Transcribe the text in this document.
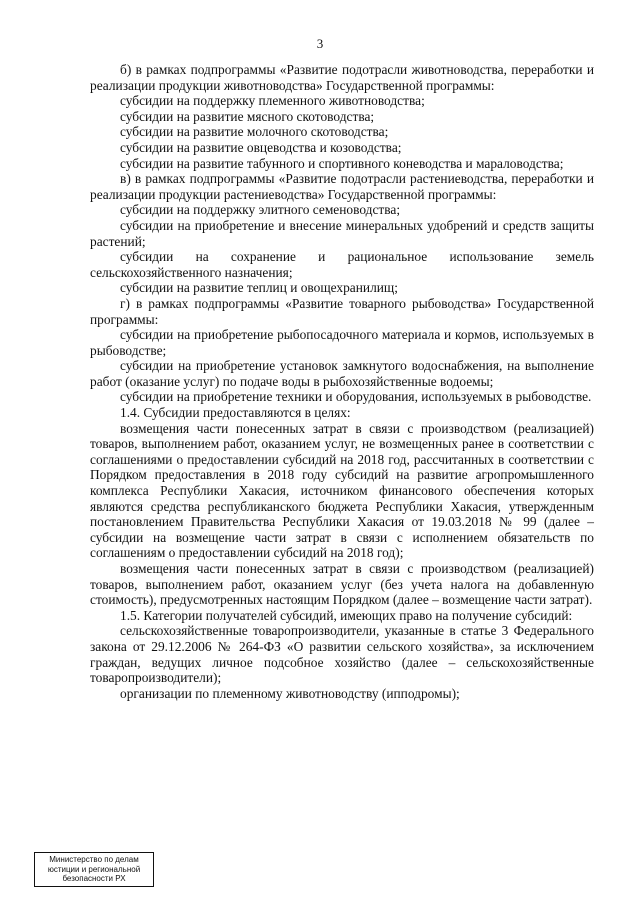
3

б) в рамках подпрограммы «Развитие подотрасли животноводства, переработки и реализации продукции животноводства» Государственной программы:

субсидии на поддержку племенного животноводства;

субсидии на развитие мясного скотоводства;

субсидии на развитие молочного скотоводства;

субсидии на развитие овцеводства и козоводства;

субсидии на развитие табунного и спортивного коневодства и мараловодства;

в) в рамках подпрограммы «Развитие подотрасли растениеводства, переработки и реализации продукции растениеводства» Государственной программы:

субсидии на поддержку элитного семеноводства;

субсидии на приобретение и внесение минеральных удобрений и средств защиты растений;

субсидии на сохранение и рациональное использование земель сельскохозяйственного назначения;

субсидии на развитие теплиц и овощехранилищ;

г) в рамках подпрограммы «Развитие товарного рыбоводства» Государственной программы:

субсидии на приобретение рыбопосадочного материала и кормов, используемых в рыбоводстве;

субсидии на приобретение установок замкнутого водоснабжения, на выполнение работ (оказание услуг) по подаче воды в рыбохозяйственные водоемы;

субсидии на приобретение техники и оборудования, используемых в рыбоводстве.

1.4. Субсидии предоставляются в целях:

возмещения части понесенных затрат в связи с производством (реализацией) товаров, выполнением работ, оказанием услуг, не возмещенных ранее в соответствии с соглашениями о предоставлении субсидий на 2018 год, рассчитанных в соответствии с Порядком предоставления в 2018 году субсидий на развитие агропромышленного комплекса Республики Хакасия, источником финансового обеспечения которых являются средства республиканского бюджета Республики Хакасия, утвержденным постановлением Правительства Республики Хакасия от 19.03.2018 № 99 (далее – субсидии на возмещение части затрат в связи с исполнением обязательств по соглашениям о предоставлении субсидий на 2018 год);

возмещения части понесенных затрат в связи с производством (реализацией) товаров, выполнением работ, оказанием услуг (без учета налога на добавленную стоимость), предусмотренных настоящим Порядком (далее – возмещение части затрат).

1.5. Категории получателей субсидий, имеющих право на получение субсидий:

сельскохозяйственные товаропроизводители, указанные в статье 3 Федерального закона от 29.12.2006 № 264-ФЗ «О развитии сельского хозяйства», за исключением граждан, ведущих личное подсобное хозяйство (далее – сельскохозяйственные товаропроизводители);

организации по племенному животноводству (ипподромы);

Министерство по делам
юстиции и региональной
безопасности РХ
